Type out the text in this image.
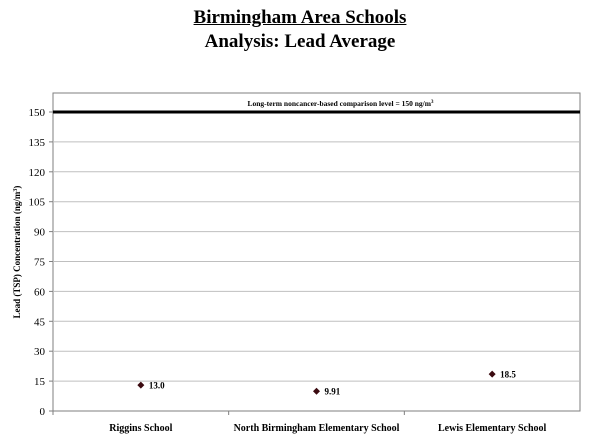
Birmingham Area Schools
Analysis: Lead Average
0
15
30
45
60
75
90
105
120
135
150
Riggins School	North Birmingham Elementary School	Lewis Elementary School
13.0
9.91
18.5
Long-term noncancer-based comparison level = 150 $ng/m^3$
Lead (TSP) Concentration $(ng/m^3)$
